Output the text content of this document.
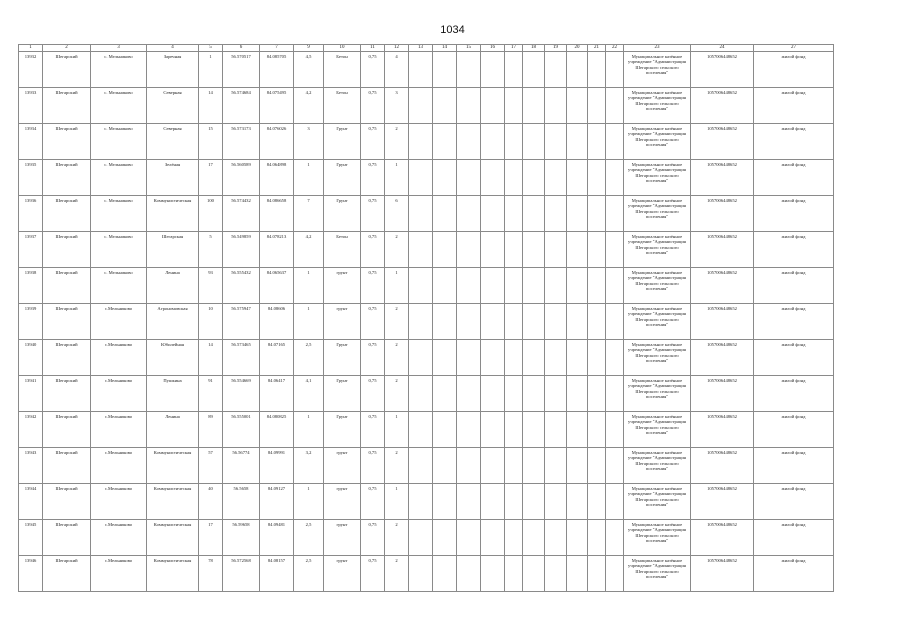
1034
1	2	3	4	5	6	7	9	10	11	12	13	14	15	16	17	18	19	20	21	22	23	24	27
13932	Шегарский	с. Мельниково	Заречная	1	56.570517	84.085705	4,5	Бетон	0,75	4											Муниципальное казённое учреждение "Администрация Шегарского сельского поселения"	1057006448652	жилой фонд
13933	Шегарский	с. Мельниково	Северная	14	56.574684	84.075495	4,2	Бетон	0,75	3											Муниципальное казённое учреждение "Администрация Шегарского сельского поселения"	1057006448652	жилой фонд
13934	Шегарский	с. Мельниково	Северная	15	56.573173	84.076026	3	Грунт	0,75	2											Муниципальное казённое учреждение "Администрация Шегарского сельского поселения"	1057006448652	жилой фонд
13935	Шегарский	с. Мельниково	Зелёная	17	56.560589	84.064898	1	Грунт	0,75	1											Муниципальное казённое учреждение "Администрация Шегарского сельского поселения"	1057006448652	жилой фонд
13936	Шегарский	с. Мельниково	Коммунистическая	100	56.574432	84.086658	7	Грунт	0,75	6											Муниципальное казённое учреждение "Администрация Шегарского сельского поселения"	1057006448652	жилой фонд
13937	Шегарский	с. Мельниково	Шегарская	5	56.549859	84.078213	4,2	Бетон	0,75	2											Муниципальное казённое учреждение "Администрация Шегарского сельского поселения"	1057006448652	жилой фонд
13938	Шегарский	с. Мельниково	Ленина	93	56.555432	84.065637	1	грунт	0,75	1											Муниципальное казённое учреждение "Администрация Шегарского сельского поселения"	1057006448652	жилой фонд
13939	Шегарский	с.Мельниково	Агрономовская	10	56.575947	84.08606	1	грунт	0,75	2											Муниципальное казённое учреждение "Администрация Шегарского сельского поселения"	1057006448652	жилой фонд
13940	Шегарский	с.Мельниково	Юбилейная	14	56.573465	84.07165	2,5	Грунт	0,75	2											Муниципальное казённое учреждение "Администрация Шегарского сельского поселения"	1057006448652	жилой фонд
13941	Шегарский	с.Мельниково	Пушкина	91	56.554669	84.06417	4,1	Грунт	0,75	2											Муниципальное казённое учреждение "Администрация Шегарского сельского поселения"	1057006448652	жилой фонд
13942	Шегарский	с.Мельниково	Ленина	89	56.555001	84.080825	1	Грунт	0,75	1											Муниципальное казённое учреждение "Администрация Шегарского сельского поселения"	1057006448652	жилой фонд
13943	Шегарский	с.Мельниково	Коммунистическая	57	56.56774	84.09991	3,2	грунт	0,75	2											Муниципальное казённое учреждение "Администрация Шегарского сельского поселения"	1057006448652	жилой фонд
13944	Шегарский	с.Мельниково	Коммунистическая	40	56.5658	84.09127	1	грунт	0,75	1											Муниципальное казённое учреждение "Администрация Шегарского сельского поселения"	1057006448652	жилой фонд
13945	Шегарский	с.Мельниково	Коммунистическая	17	56.59658	84.09481	2,5	грунт	0,75	2											Муниципальное казённое учреждение "Администрация Шегарского сельского поселения"	1057006448652	жилой фонд
13946	Шегарский	с.Мельниково	Коммунистическая	78	56.572568	84.08157	2,5	грунт	0,75	2											Муниципальное казённое учреждение "Администрация Шегарского сельского поселения"	1057006448652	жилой фонд
